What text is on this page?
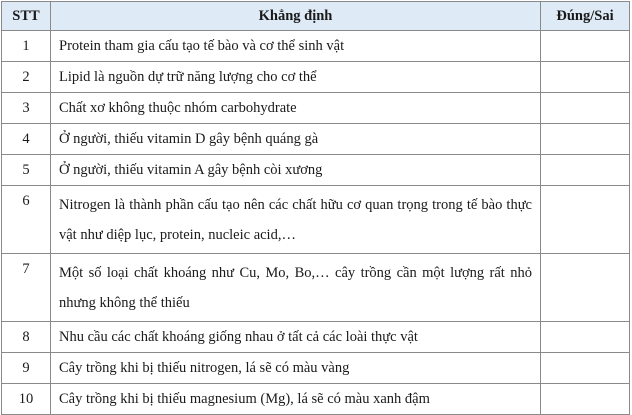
STT	Khẳng định	Đúng/Sai
1	Protein tham gia cấu tạo tế bào và cơ thể sinh vật	
2	Lipid là nguồn dự trữ năng lượng cho cơ thể	
3	Chất xơ không thuộc nhóm carbohydrate	
4	Ở người, thiếu vitamin D gây bệnh quáng gà	
5	Ở người, thiếu vitamin A gây bệnh còi xương	
6	Nitrogen là thành phần cấu tạo nên các chất hữu cơ quan trọng trong tế bào thực vật như diệp lục, protein, nucleic acid,…	
7	Một số loại chất khoáng như Cu, Mo, Bo,… cây trồng cần một lượng rất nhỏ nhưng không thể thiếu	
8	Nhu cầu các chất khoáng giống nhau ở tất cả các loài thực vật	
9	Cây trồng khi bị thiếu nitrogen, lá sẽ có màu vàng	
10	Cây trồng khi bị thiếu magnesium (Mg), lá sẽ có màu xanh đậm	
